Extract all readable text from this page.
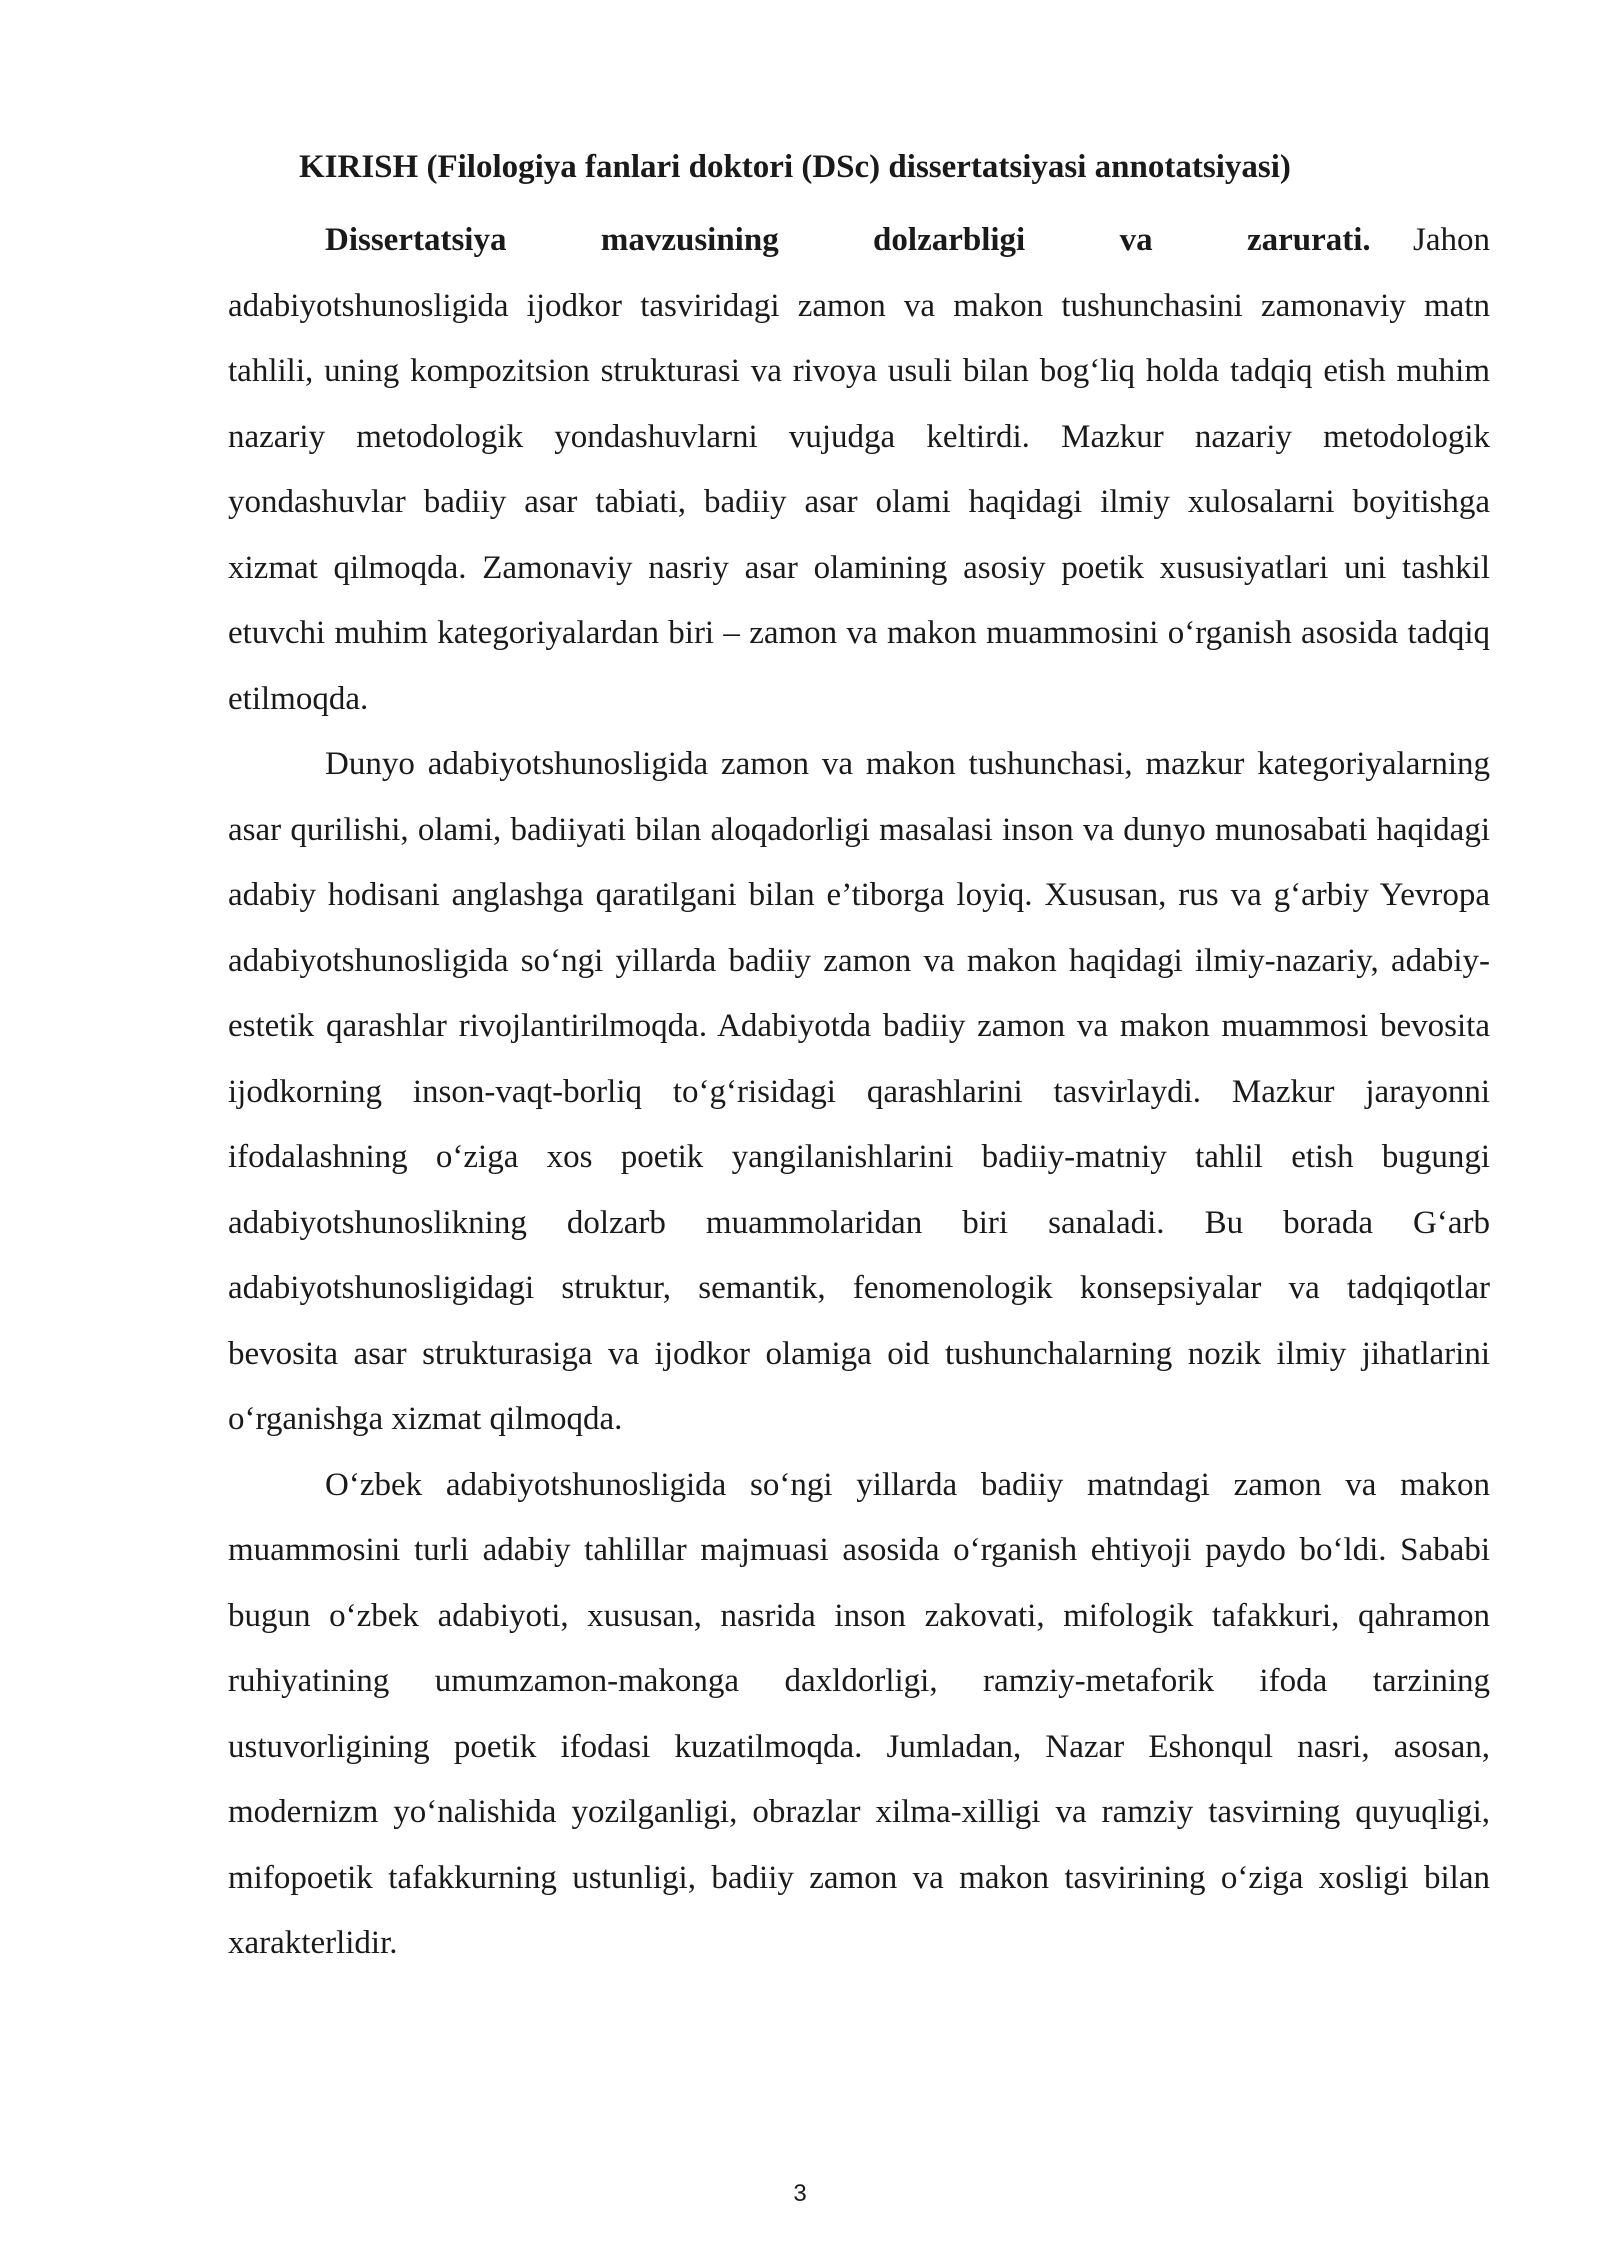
KIRISH (Filologiya fanlari doktori (DSc) dissertatsiyasi annotatsiyasi)

Dissertatsiya mavzusining dolzarbligi va zarurati. Jahon adabiyotshunosligida ijodkor tasviridagi zamon va makon tushunchasini zamonaviy matn tahlili, uning kompozitsion strukturasi va rivoya usuli bilan bog‘liq holda tadqiq etish muhim nazariy metodologik yondashuvlarni vujudga keltirdi. Mazkur nazariy metodologik yondashuvlar badiiy asar tabiati, badiiy asar olami haqidagi ilmiy xulosalarni boyitishga xizmat qilmoqda. Zamonaviy nasriy asar olamining asosiy poetik xususiyatlari uni tashkil etuvchi muhim kategoriyalardan biri – zamon va makon muammosini o‘rganish asosida tadqiq etilmoqda.

Dunyo adabiyotshunosligida zamon va makon tushunchasi, mazkur kategoriyalarning asar qurilishi, olami, badiiyati bilan aloqadorligi masalasi inson va dunyo munosabati haqidagi adabiy hodisani anglashga qaratilgani bilan e’tiborga loyiq. Xususan, rus va g‘arbiy Yevropa adabiyotshunosligida so‘ngi yillarda badiiy zamon va makon haqidagi ilmiy-nazariy, adabiy-estetik qarashlar rivojlantirilmoqda. Adabiyotda badiiy zamon va makon muammosi bevosita ijodkorning inson-vaqt-borliq to‘g‘risidagi qarashlarini tasvirlaydi. Mazkur jarayonni ifodalashning o‘ziga xos poetik yangilanishlarini badiiy-matniy tahlil etish bugungi adabiyotshunoslikning dolzarb muammolaridan biri sanaladi. Bu borada G‘arb adabiyotshunosligidagi struktur, semantik, fenomenologik konsepsiyalar va tadqiqotlar bevosita asar strukturasiga va ijodkor olamiga oid tushunchalarning nozik ilmiy jihatlarini o‘rganishga xizmat qilmoqda.

O‘zbek adabiyotshunosligida so‘ngi yillarda badiiy matndagi zamon va makon muammosini turli adabiy tahlillar majmuasi asosida o‘rganish ehtiyoji paydo bo‘ldi. Sababi bugun o‘zbek adabiyoti, xususan, nasrida inson zakovati, mifologik tafakkuri, qahramon ruhiyatining umumzamon-makonga daxldorligi, ramziy-metaforik ifoda tarzining ustuvorligining poetik ifodasi kuzatilmoqda. Jumladan, Nazar Eshonqul nasri, asosan, modernizm yo‘nalishida yozilganligi, obrazlar xilma-xilligi va ramziy tasvirning quyuqligi, mifopoetik tafakkurning ustunligi, badiiy zamon va makon tasvirining o‘ziga xosligi bilan xarakterlidir.

3
